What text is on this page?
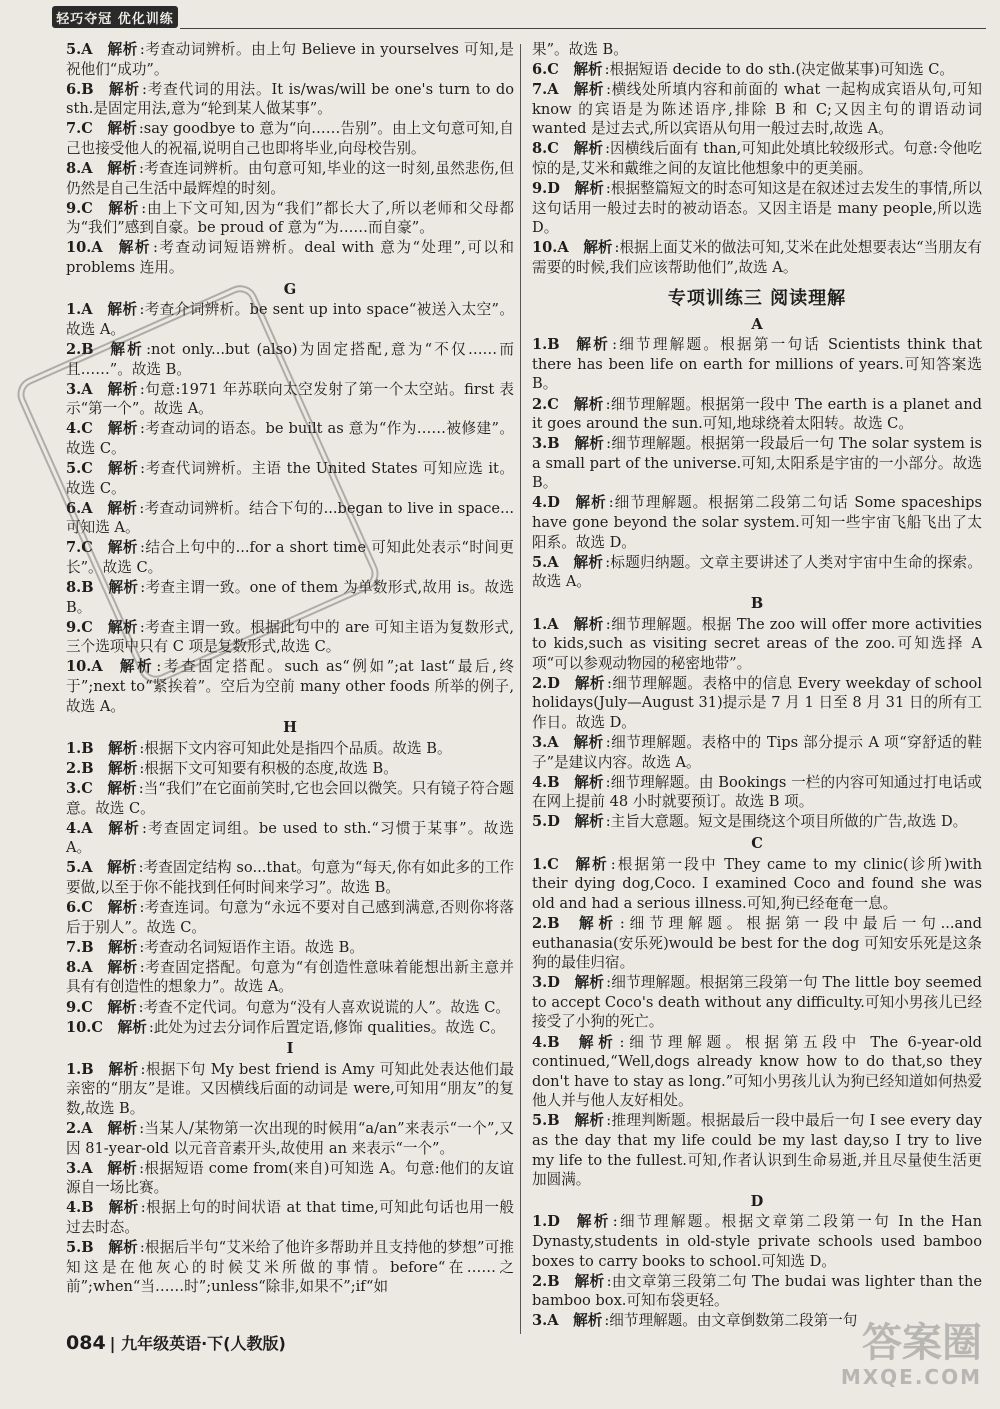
轻巧夺冠 优化训练
5.A  解析 :考查动词辨析。由上句 Believe in yourselves 可知,是祝他们“成功”。
6.B  解析 :考查代词的用法。It is/was/will be one's turn to do sth.是固定用法,意为“轮到某人做某事”。
7.C  解析 :say goodbye to 意为“向……告别”。由上文句意可知,自己也接受他人的祝福,说明自己也即将毕业,向母校告别。
8.A  解析 :考查连词辨析。由句意可知,毕业的这一时刻,虽然悲伤,但仍然是自己生活中最辉煌的时刻。
9.C  解析 :由上下文可知,因为“我们”都长大了,所以老师和父母都为“我们”感到自豪。be proud of 意为“为……而自豪”。
10.A  解析 :考查动词短语辨析。deal with 意为“处理”,可以和 problems 连用。
G
1.A  解析 :考查介词辨析。be sent up into space“被送入太空”。故选 A。
2.B  解析 :not only...but (also)为固定搭配,意为“不仅……而且……”。故选 B。
3.A  解析 :句意:1971 年苏联向太空发射了第一个太空站。first 表示“第一个”。故选 A。
4.C  解析 :考查动词的语态。be built as 意为“作为……被修建”。故选 C。
5.C  解析 :考查代词辨析。主语 the United States 可知应选 it。故选 C。
6.A  解析 :考查动词辨析。结合下句的...began to live in space...可知选 A。
7.C  解析 :结合上句中的...for a short time 可知此处表示“时间更长”。故选 C。
8.B  解析 :考查主谓一致。one of them 为单数形式,故用 is。故选 B。
9.C  解析 :考查主谓一致。根据此句中的 are 可知主语为复数形式,三个选项中只有 C 项是复数形式,故选 C。
10.A  解析 :考查固定搭配。such as“例如”;at last“最后,终于”;next to“紧挨着”。空后为空前 many other foods 所举的例子,故选 A。
H
1.B  解析 :根据下文内容可知此处是指四个品质。故选 B。
2.B  解析 :根据下文可知要有积极的态度,故选 B。
3.C  解析 :当“我们”在它面前笑时,它也会回以微笑。只有镜子符合题意。故选 C。
4.A  解析 :考查固定词组。be used to sth.“习惯于某事”。故选 A。
5.A  解析 :考查固定结构 so...that。句意为“每天,你有如此多的工作要做,以至于你不能找到任何时间来学习”。故选 B。
6.C  解析 :考查连词。句意为“永远不要对自己感到满意,否则你将落后于别人”。故选 C。
7.B  解析 :考查动名词短语作主语。故选 B。
8.A  解析 :考查固定搭配。句意为“有创造性意味着能想出新主意并具有有创造性的想象力”。故选 A。
9.C  解析 :考查不定代词。句意为“没有人喜欢说谎的人”。故选 C。
10.C  解析 :此处为过去分词作后置定语,修饰 qualities。故选 C。
I
1.B  解析 :根据下句 My best friend is Amy 可知此处表达他们最亲密的“朋友”是谁。又因横线后面的动词是 were,可知用“朋友”的复数,故选 B。
2.A  解析 :当某人/某物第一次出现的时候用“a/an”来表示“一个”,又因 81-year-old 以元音音素开头,故使用 an 来表示“一个”。
3.A  解析 :根据短语 come from(来自)可知选 A。句意:他们的友谊源自一场比赛。
4.B  解析 :根据上句的时间状语 at that time,可知此句话也用一般过去时态。
5.B  解析 :根据后半句“艾米给了他许多帮助并且支持他的梦想”可推知这是在他灰心的时候艾米所做的事情。before“在……之前”;when“当……时”;unless“除非,如果不”;if“如
果”。故选 B。
6.C  解析 :根据短语 decide to do sth.(决定做某事)可知选 C。
7.A  解析 :横线处所填内容和前面的 what 一起构成宾语从句,可知 know 的宾语是为陈述语序,排除 B 和 C;又因主句的谓语动词 wanted 是过去式,所以宾语从句用一般过去时,故选 A。
8.C  解析 :因横线后面有 than,可知此处填比较级形式。句意:令他吃惊的是,艾米和戴维之间的友谊比他想象中的更美丽。
9.D  解析 :根据整篇短文的时态可知这是在叙述过去发生的事情,所以这句话用一般过去时的被动语态。又因主语是 many people,所以选 D。
10.A  解析 :根据上面艾米的做法可知,艾米在此处想要表达“当朋友有需要的时候,我们应该帮助他们”,故选 A。
专项训练三 阅读理解
A
1.B  解析 :细节理解题。根据第一句话 Scientists think that there has been life on earth for millions of years.可知答案选 B。
2.C  解析 :细节理解题。根据第一段中 The earth is a planet and it goes around the sun.可知,地球绕着太阳转。故选 C。
3.B  解析 :细节理解题。根据第一段最后一句 The solar system is a small part of the universe.可知,太阳系是宇宙的一小部分。故选 B。
4.D  解析 :细节理解题。根据第二段第二句话 Some spaceships have gone beyond the solar system.可知一些宇宙飞船飞出了太阳系。故选 D。
5.A  解析 :标题归纳题。文章主要讲述了人类对宇宙中生命的探索。故选 A。
B
1.A  解析 :细节理解题。根据 The zoo will offer more activities to kids,such as visiting secret areas of the zoo.可知选择 A 项“可以参观动物园的秘密地带”。
2.D  解析 :细节理解题。表格中的信息 Every weekday of school holidays(July—August 31)提示是 7 月 1 日至 8 月 31 日的所有工作日。故选 D。
3.A  解析 :细节理解题。表格中的 Tips 部分提示 A 项“穿舒适的鞋子”是建议内容。故选 A。
4.B  解析 :细节理解题。由 Bookings 一栏的内容可知通过打电话或在网上提前 48 小时就要预订。故选 B 项。
5.D  解析 :主旨大意题。短文是围绕这个项目所做的广告,故选 D。
C
1.C  解析 :根据第一段中 They came to my clinic(诊所)with their dying dog,Coco. I examined Coco and found she was old and had a serious illness.可知,狗已经奄奄一息。
2.B  解析 :细节理解题。根据第一段中最后一句...and euthanasia(安乐死)would be best for the dog 可知安乐死是这条狗的最佳归宿。
3.D  解析 :细节理解题。根据第三段第一句 The little boy seemed to accept Coco's death without any difficulty.可知小男孩儿已经接受了小狗的死亡。
4.B  解析 :细节理解题。根据第五段中 The 6-year-old continued,“Well,dogs already know how to do that,so they don't have to stay as long.”可知小男孩儿认为狗已经知道如何热爱他人并与他人友好相处。
5.B  解析 :推理判断题。根据最后一段中最后一句 I see every day as the day that my life could be my last day,so I try to live my life to the fullest.可知,作者认识到生命易逝,并且尽量使生活更加圆满。
D
1.D  解析 :细节理解题。根据文章第二段第一句 In the Han Dynasty,students in old-style private schools used bamboo boxes to carry books to school.可知选 D。
2.B  解析 :由文章第三段第二句 The budai was lighter than the bamboo box.可知布袋更轻。
3.A  解析 :细节理解题。由文章倒数第二段第一句
084 | 九年级英语·下(人教版)	答案圈
MXQE.COM
